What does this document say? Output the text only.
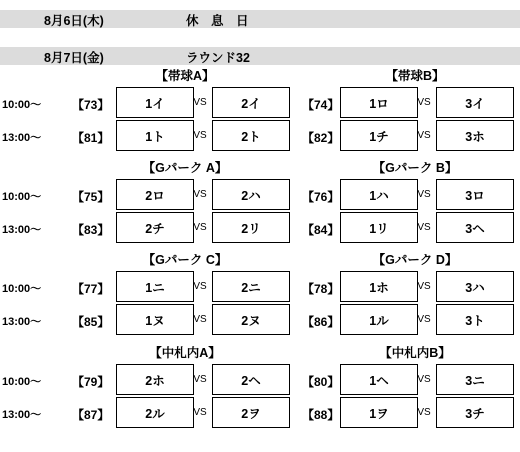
8月6日(木)	休　息　日
8月7日(金)	ラウンド32
【帯球A】	【帯球B】
10:00～	【73】	1イ	VS	2イ	【74】	1ロ	VS	3イ
13:00～	【81】	1ト	VS	2ト	【82】	1チ	VS	3ホ
【Gパーク A】	【Gパーク B】
10:00～	【75】	2ロ	VS	2ハ	【76】	1ハ	VS	3ロ
13:00～	【83】	2チ	VS	2リ	【84】	1リ	VS	3ヘ
【Gパーク C】	【Gパーク D】
10:00～	【77】	1ニ	VS	2ニ	【78】	1ホ	VS	3ハ
13:00～	【85】	1ヌ	VS	2ヌ	【86】	1ル	VS	3ト
【中札内A】	【中札内B】
10:00～	【79】	2ホ	VS	2ヘ	【80】	1ヘ	VS	3ニ
13:00～	【87】	2ル	VS	2ヲ	【88】	1ヲ	VS	3チ
